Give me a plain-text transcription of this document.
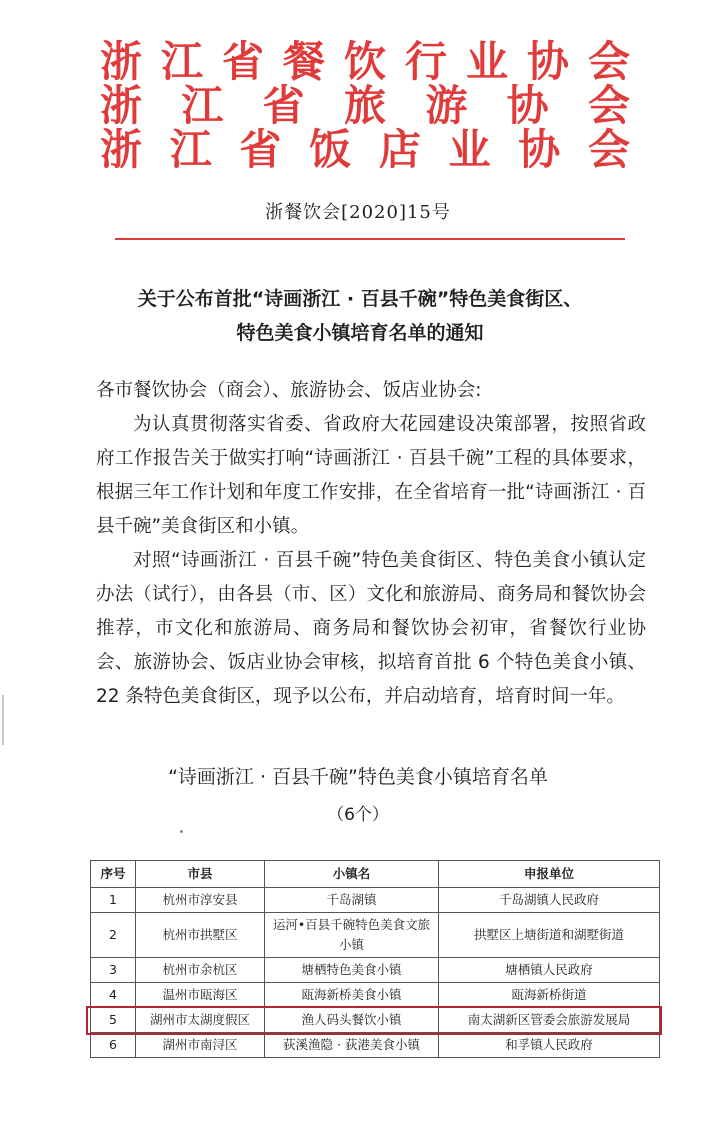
浙江省餐饮行业协会
浙江省旅游协会
浙江省饭店业协会
浙餐饮会[2020]15号
关于公布首批“诗画浙江 · 百县千碗”特色美食街区、
特色美食小镇培育名单的通知

各市餐饮协会（商会）、旅游协会、饭店业协会:

为认真贯彻落实省委、省政府大花园建设决策部署，按照省政府工作报告关于做实打响“诗画浙江 · 百县千碗”工程的具体要求，根据三年工作计划和年度工作安排，在全省培育一批“诗画浙江 · 百县千碗”美食街区和小镇。

对照“诗画浙江 · 百县千碗”特色美食街区、特色美食小镇认定办法（试行），由各县（市、区）文化和旅游局、商务局和餐饮协会推荐，市文化和旅游局、商务局和餐饮协会初审，省餐饮行业协会、旅游协会、饭店业协会审核，拟培育首批 6 个特色美食小镇、22 条特色美食街区，现予以公布，并启动培育，培育时间一年。

“诗画浙江 · 百县千碗”特色美食小镇培育名单
（6个）
序号	市县	小镇名	申报单位
1	杭州市淳安县	千岛湖镇	千岛湖镇人民政府
2	杭州市拱墅区	运河•百县千碗特色美食文旅小镇	拱墅区上塘街道和湖墅街道
3	杭州市余杭区	塘栖特色美食小镇	塘栖镇人民政府
4	温州市瓯海区	瓯海新桥美食小镇	瓯海新桥街道
5	湖州市太湖度假区	渔人码头餐饮小镇	南太湖新区管委会旅游发展局
6	湖州市南浔区	荻溪渔隐 · 荻港美食小镇	和孚镇人民政府
